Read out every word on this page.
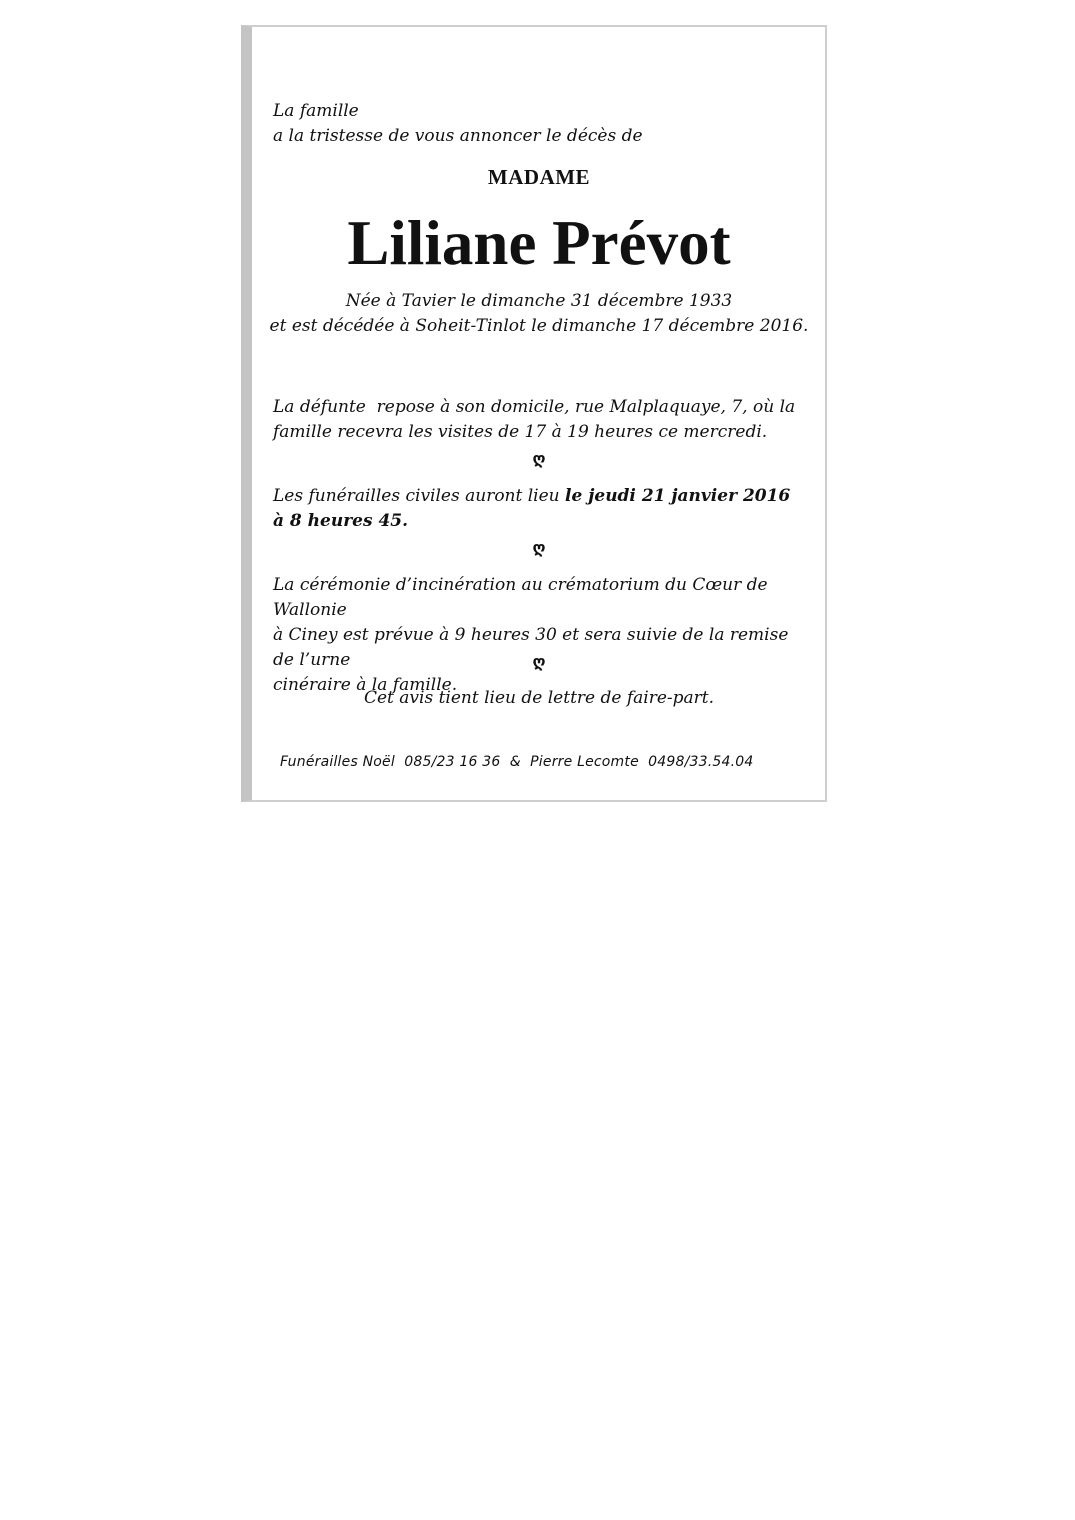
La famille
a la tristesse de vous annoncer le décès de
MADAME
Liliane Prévot
Née à Tavier le dimanche 31 décembre 1933
et est décédée à Soheit-Tinlot le dimanche 17 décembre 2016.
La défunte  repose à son domicile, rue Malplaquaye, 7, où la
famille recevra les visites de 17 à 19 heures ce mercredi.
ღ
Les funérailles civiles auront lieu le jeudi 21 janvier 2016
à 8 heures 45.
ღ
La cérémonie d’incinération au crématorium du Cœur de Wallonie
à Ciney est prévue à 9 heures 30 et sera suivie de la remise de l’urne
cinéraire à la famille.
ღ
Cet avis tient lieu de lettre de faire-part.
Funérailles Noël  085/23 16 36  &  Pierre Lecomte  0498/33.54.04
